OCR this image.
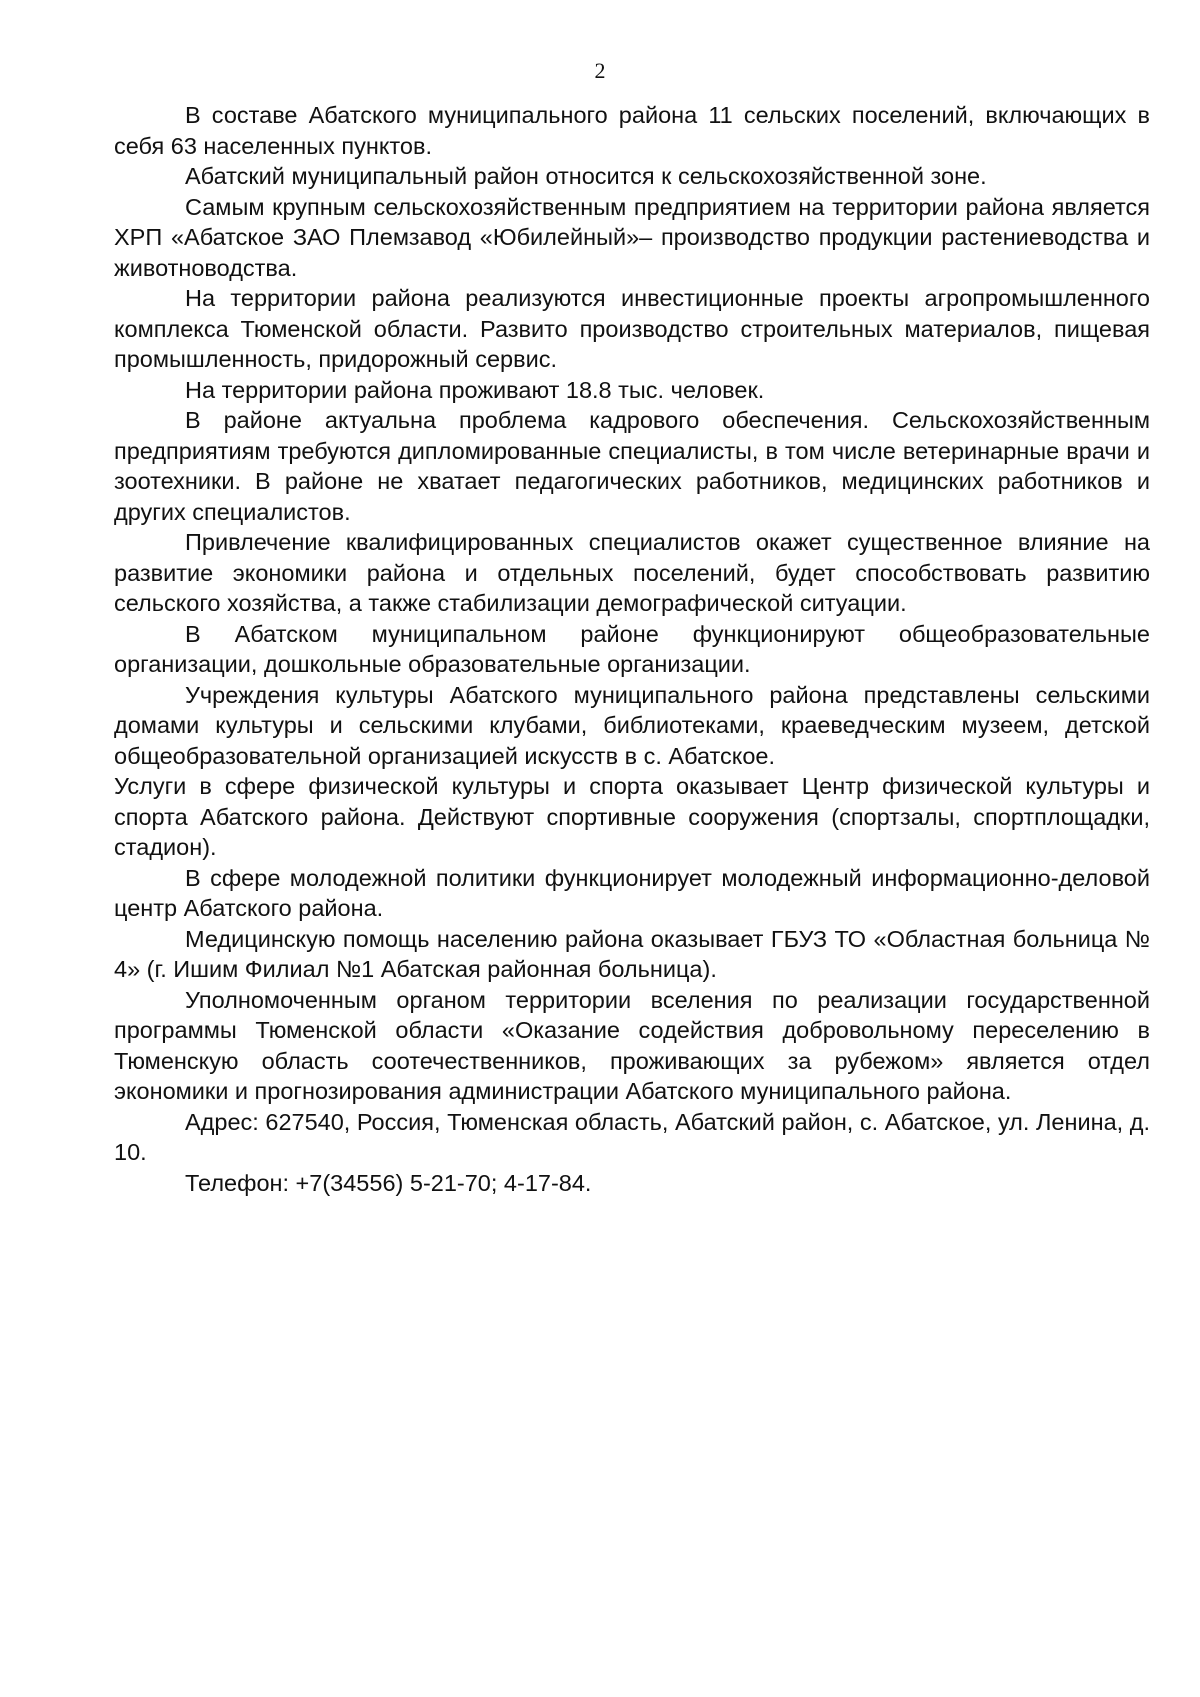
2

В составе Абатского муниципального района 11 сельских поселений, включающих в себя 63 населенных пунктов.

Абатский муниципальный район относится к сельскохозяйственной зоне.

Самым крупным сельскохозяйственным предприятием на территории района является ХРП «Абатское ЗАО Племзавод «Юбилейный»– производство продукции растениеводства и животноводства.

На территории района реализуются инвестиционные проекты агропромышленного комплекса Тюменской области. Развито производство строительных материалов, пищевая промышленность, придорожный сервис.

На территории района проживают 18.8 тыс. человек.

В районе актуальна проблема кадрового обеспечения. Сельскохозяйственным предприятиям требуются дипломированные специалисты, в том числе ветеринарные врачи и зоотехники. В районе не хватает педагогических работников, медицинских работников и других специалистов.

Привлечение квалифицированных специалистов окажет существенное влияние на развитие экономики района и отдельных поселений, будет способствовать развитию сельского хозяйства, а также стабилизации демографической ситуации.

В Абатском муниципальном районе функционируют общеобразовательные организации, дошкольные образовательные организации.

Учреждения культуры Абатского муниципального района представлены сельскими домами культуры и сельскими клубами, библиотеками, краеведческим музеем, детской общеобразовательной организацией искусств в с. Абатское.

Услуги в сфере физической культуры и спорта оказывает Центр физической культуры и спорта Абатского района. Действуют спортивные сооружения (спортзалы, спортплощадки, стадион).

В сфере молодежной политики функционирует молодежный информационно-деловой центр Абатского района.

Медицинскую помощь населению района оказывает ГБУЗ ТО «Областная больница № 4» (г. Ишим Филиал №1 Абатская районная больница).

Уполномоченным органом территории вселения по реализации государственной программы Тюменской области «Оказание содействия добровольному переселению в Тюменскую область соотечественников, проживающих за рубежом» является отдел экономики и прогнозирования администрации Абатского муниципального района.

Адрес: 627540, Россия, Тюменская область, Абатский район, с. Абатское, ул. Ленина, д. 10.

Телефон: +7(34556) 5-21-70; 4-17-84.
